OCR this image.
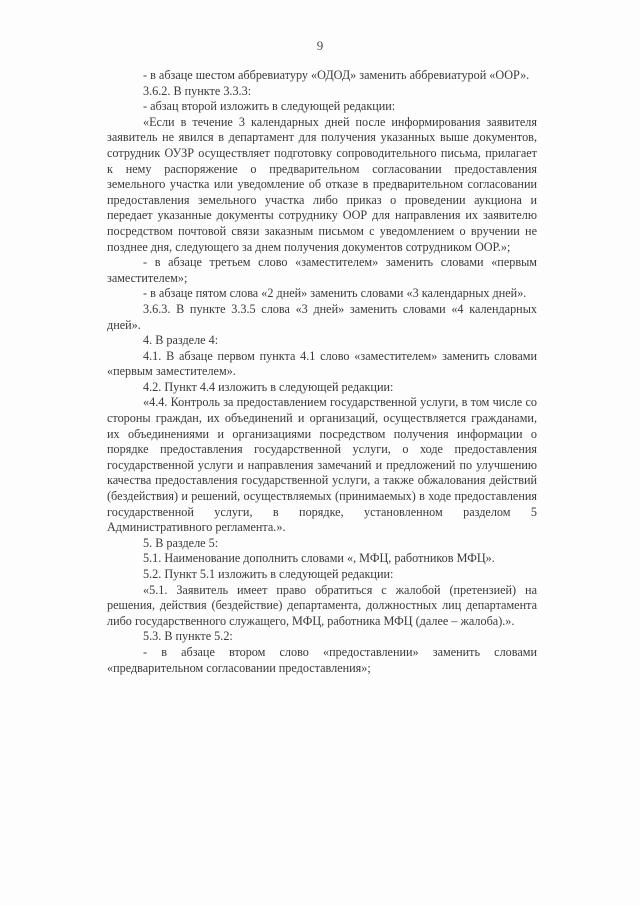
9

- в абзаце шестом аббревиатуру «ОДОД» заменить аббревиатурой «ООР».

3.6.2. В пункте 3.3.3:

- абзац второй изложить в следующей редакции:

«Если в течение 3 календарных дней после информирования заявителя заявитель не явился в департамент для получения указанных выше документов, сотрудник ОУЗР осуществляет подготовку сопроводительного письма, прилагает к нему распоряжение о предварительном согласовании предоставления земельного участка или уведомление об отказе в предварительном согласовании предоставления земельного участка либо приказ о проведении аукциона и передает указанные документы сотруднику ООР для направления их заявителю посредством почтовой связи заказным письмом с уведомлением о вручении не позднее дня, следующего за днем получения документов сотрудником ООР.»;

- в абзаце третьем слово «заместителем» заменить словами «первым заместителем»;

- в абзаце пятом слова «2 дней» заменить словами «3 календарных дней».

3.6.3. В пункте 3.3.5 слова «3 дней» заменить словами «4 календарных дней».

4. В разделе 4:

4.1. В абзаце первом пункта 4.1 слово «заместителем» заменить словами «первым заместителем».

4.2. Пункт 4.4 изложить в следующей редакции:

«4.4. Контроль за предоставлением государственной услуги, в том числе со стороны граждан, их объединений и организаций, осуществляется гражданами, их объединениями и организациями посредством получения информации о порядке предоставления государственной услуги, о ходе предоставления государственной услуги и направления замечаний и предложений по улучшению качества предоставления государственной услуги, а также обжалования действий (бездействия) и решений, осуществляемых (принимаемых) в ходе предоставления государственной услуги, в порядке, установленном разделом 5 Административного регламента.».

5. В разделе 5:

5.1. Наименование дополнить словами «, МФЦ, работников МФЦ».

5.2. Пункт 5.1 изложить в следующей редакции:

«5.1. Заявитель имеет право обратиться с жалобой (претензией) на решения, действия (бездействие) департамента, должностных лиц департамента либо государственного служащего, МФЦ, работника МФЦ (далее – жалоба).».

5.3. В пункте 5.2:

- в абзаце втором слово «предоставлении» заменить словами «предварительном согласовании предоставления»;
